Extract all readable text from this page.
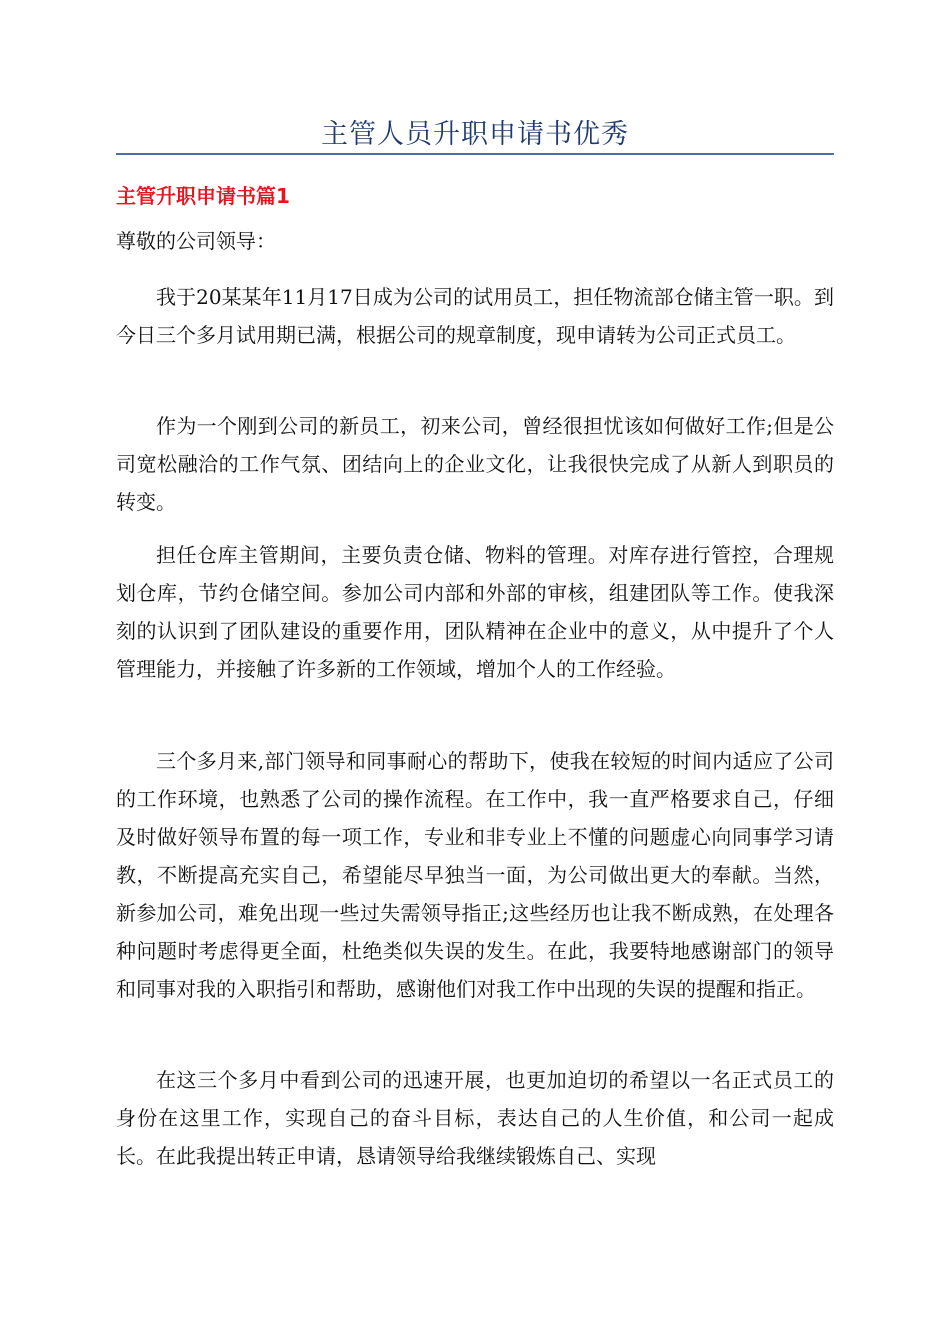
主管人员升职申请书优秀
主管升职申请书篇1

尊敬的公司领导：

我于20某某年11月17日成为公司的试用员工，担任物流部仓储主管一职。到今日三个多月试用期已满，根据公司的规章制度，现申请转为公司正式员工。

作为一个刚到公司的新员工，初来公司，曾经很担忧该如何做好工作;但是公司宽松融洽的工作气氛、团结向上的企业文化，让我很快完成了从新人到职员的转变。

担任仓库主管期间，主要负责仓储、物料的管理。对库存进行管控，合理规划仓库，节约仓储空间。参加公司内部和外部的审核，组建团队等工作。使我深刻的认识到了团队建设的重要作用，团队精神在企业中的意义，从中提升了个人管理能力，并接触了许多新的工作领域，增加个人的工作经验。

三个多月来,部门领导和同事耐心的帮助下，使我在较短的时间内适应了公司的工作环境，也熟悉了公司的操作流程。在工作中，我一直严格要求自己，仔细及时做好领导布置的每一项工作，专业和非专业上不懂的问题虚心向同事学习请教，不断提高充实自己，希望能尽早独当一面，为公司做出更大的奉献。当然，新参加公司，难免出现一些过失需领导指正;这些经历也让我不断成熟，在处理各种问题时考虑得更全面，杜绝类似失误的发生。在此，我要特地感谢部门的领导和同事对我的入职指引和帮助，感谢他们对我工作中出现的失误的提醒和指正。

在这三个多月中看到公司的迅速开展，也更加迫切的希望以一名正式员工的身份在这里工作，实现自己的奋斗目标，表达自己的人生价值，和公司一起成长。在此我提出转正申请，恳请领导给我继续锻炼自己、实现
